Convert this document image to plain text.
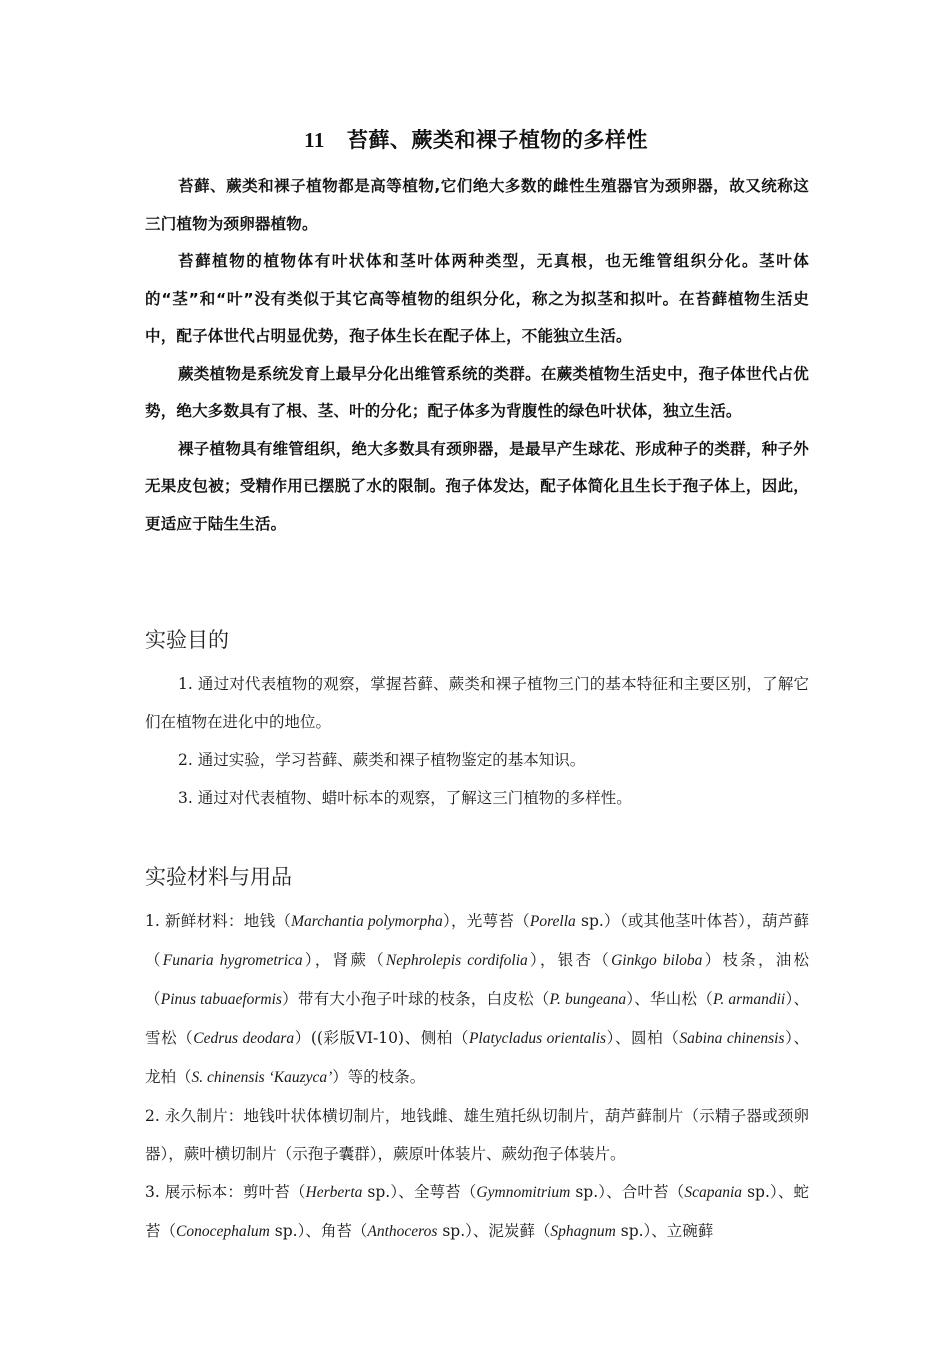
11 苔藓、蕨类和裸子植物的多样性

苔藓、蕨类和裸子植物都是高等植物,它们绝大多数的雌性生殖器官为颈卵器，故又统称这三门植物为颈卵器植物。

苔藓植物的植物体有叶状体和茎叶体两种类型，无真根，也无维管组织分化。茎叶体的“茎”和“叶”没有类似于其它高等植物的组织分化，称之为拟茎和拟叶。在苔藓植物生活史中，配子体世代占明显优势，孢子体生长在配子体上，不能独立生活。

蕨类植物是系统发育上最早分化出维管系统的类群。在蕨类植物生活史中，孢子体世代占优势，绝大多数具有了根、茎、叶的分化；配子体多为背腹性的绿色叶状体，独立生活。

裸子植物具有维管组织，绝大多数具有颈卵器，是最早产生球花、形成种子的类群，种子外无果皮包被；受精作用已摆脱了水的限制。孢子体发达，配子体简化且生长于孢子体上，因此，更适应于陆生生活。

实验目的

1. 通过对代表植物的观察，掌握苔藓、蕨类和裸子植物三门的基本特征和主要区别，了解它们在植物在进化中的地位。

2. 通过实验，学习苔藓、蕨类和裸子植物鉴定的基本知识。

3. 通过对代表植物、蜡叶标本的观察，了解这三门植物的多样性。

实验材料与用品

1. 新鲜材料：地钱（Marchantia polymorpha），光萼苔（Porella sp.）（或其他茎叶体苔），葫芦藓（Funaria hygrometrica），肾蕨（Nephrolepis cordifolia），银杏（Ginkgo biloba）枝条，油松（Pinus tabuaeformis）带有大小孢子叶球的枝条，白皮松（P. bungeana）、华山松（P. armandii）、雪松（Cedrus deodara）((彩版VI-10)、侧柏（Platycladus orientalis）、圆柏（Sabina chinensis）、龙柏（S. chinensis ‘Kauzyca’）等的枝条。

2. 永久制片：地钱叶状体横切制片，地钱雌、雄生殖托纵切制片，葫芦藓制片（示精子器或颈卵器），蕨叶横切制片（示孢子囊群），蕨原叶体装片、蕨幼孢子体装片。

3. 展示标本：剪叶苔（Herberta sp.）、全萼苔（Gymnomitrium sp.）、合叶苔（Scapania sp.）、蛇苔（Conocephalum sp.）、角苔（Anthoceros sp.）、泥炭藓（Sphagnum sp.）、立碗藓
